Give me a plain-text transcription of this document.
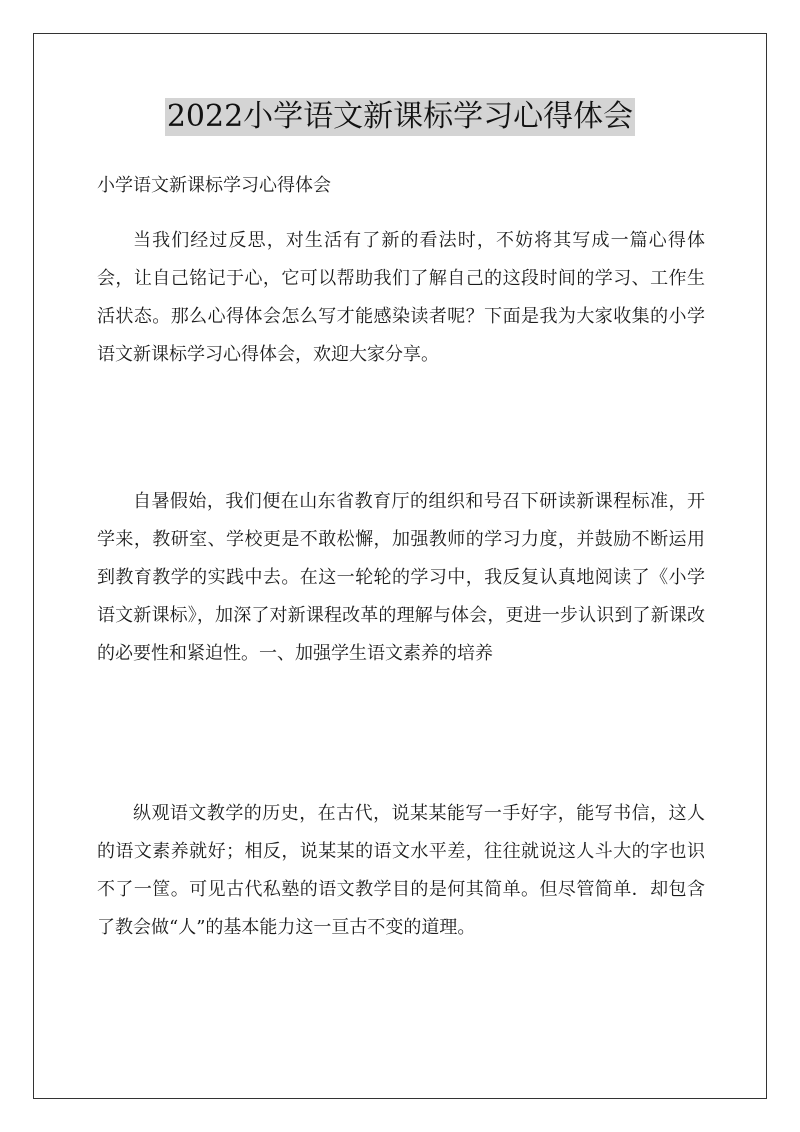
2022小学语文新课标学习心得体会
小学语文新课标学习心得体会

当我们经过反思，对生活有了新的看法时，不妨将其写成一篇心得体会，让自己铭记于心，它可以帮助我们了解自己的这段时间的学习、工作生活状态。那么心得体会怎么写才能感染读者呢？下面是我为大家收集的小学语文新课标学习心得体会，欢迎大家分享。

自暑假始，我们便在山东省教育厅的组织和号召下研读新课程标准，开学来，教研室、学校更是不敢松懈，加强教师的学习力度，并鼓励不断运用到教育教学的实践中去。在这一轮轮的学习中，我反复认真地阅读了《小学语文新课标》，加深了对新课程改革的理解与体会，更进一步认识到了新课改的必要性和紧迫性。一、加强学生语文素养的培养

纵观语文教学的历史，在古代，说某某能写一手好字，能写书信，这人的语文素养就好；相反，说某某的语文水平差，往往就说这人斗大的字也识不了一筐。可见古代私塾的语文教学目的是何其简单。但尽管简单．却包含了教会做“人”的基本能力这一亘古不变的道理。
